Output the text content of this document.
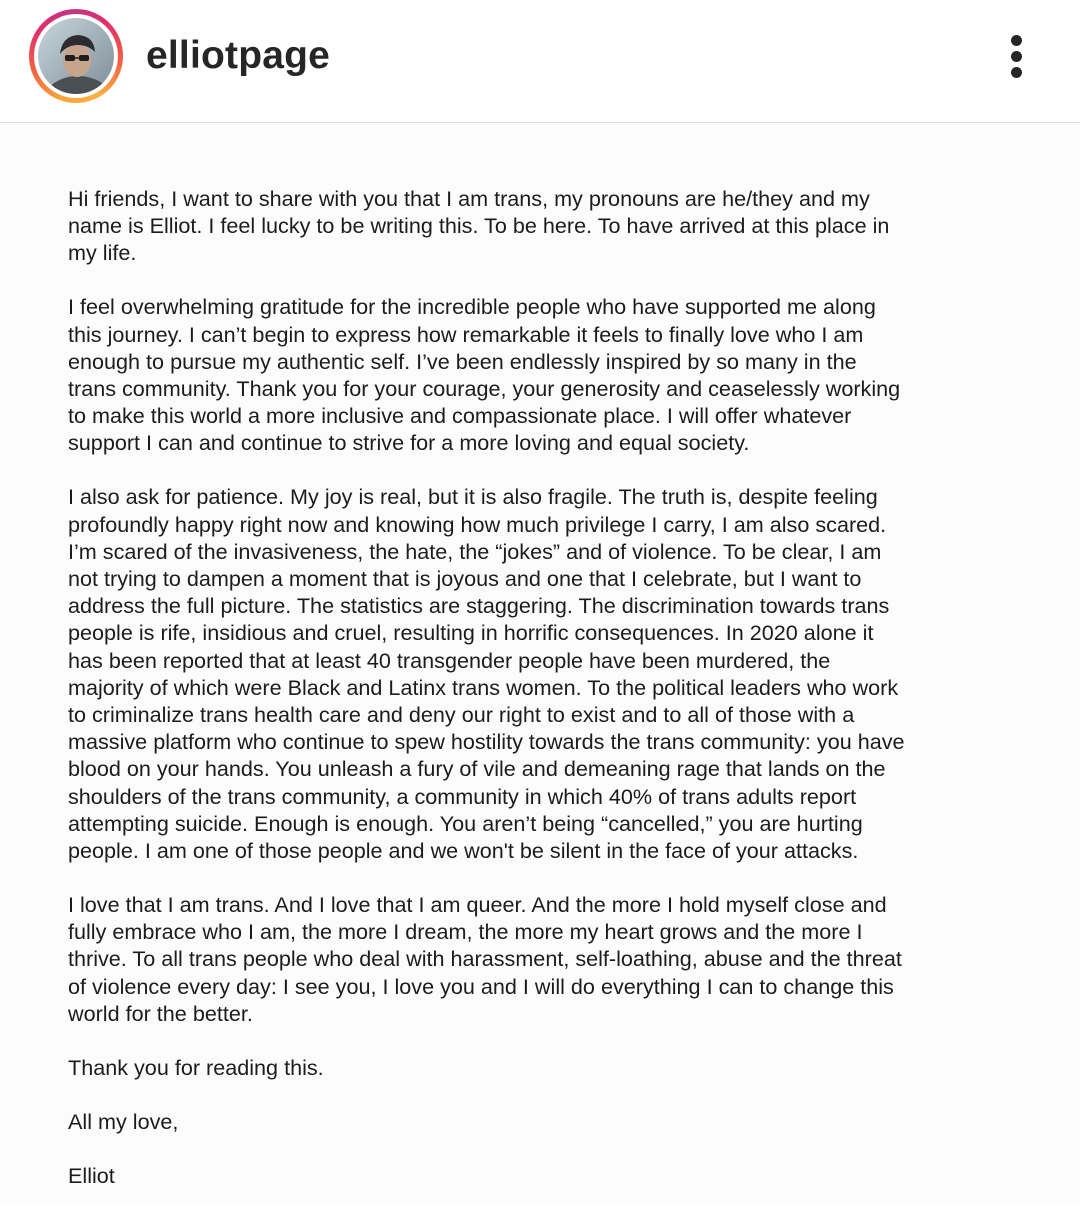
elliotpage

Hi friends, I want to share with you that I am trans, my pronouns are he/they and my
name is Elliot. I feel lucky to be writing this. To be here. To have arrived at this place in
my life.

I feel overwhelming gratitude for the incredible people who have supported me along
this journey. I can’t begin to express how remarkable it feels to finally love who I am
enough to pursue my authentic self. I’ve been endlessly inspired by so many in the
trans community. Thank you for your courage, your generosity and ceaselessly working
to make this world a more inclusive and compassionate place. I will offer whatever
support I can and continue to strive for a more loving and equal society.

I also ask for patience. My joy is real, but it is also fragile. The truth is, despite feeling
profoundly happy right now and knowing how much privilege I carry, I am also scared.
I’m scared of the invasiveness, the hate, the “jokes” and of violence. To be clear, I am
not trying to dampen a moment that is joyous and one that I celebrate, but I want to
address the full picture. The statistics are staggering. The discrimination towards trans
people is rife, insidious and cruel, resulting in horrific consequences. In 2020 alone it
has been reported that at least 40 transgender people have been murdered, the
majority of which were Black and Latinx trans women. To the political leaders who work
to criminalize trans health care and deny our right to exist and to all of those with a
massive platform who continue to spew hostility towards the trans community: you have
blood on your hands. You unleash a fury of vile and demeaning rage that lands on the
shoulders of the trans community, a community in which 40% of trans adults report
attempting suicide. Enough is enough. You aren’t being “cancelled,” you are hurting
people. I am one of those people and we won't be silent in the face of your attacks.

I love that I am trans. And I love that I am queer. And the more I hold myself close and
fully embrace who I am, the more I dream, the more my heart grows and the more I
thrive. To all trans people who deal with harassment, self-loathing, abuse and the threat
of violence every day: I see you, I love you and I will do everything I can to change this
world for the better.

Thank you for reading this.

All my love,

Elliot
